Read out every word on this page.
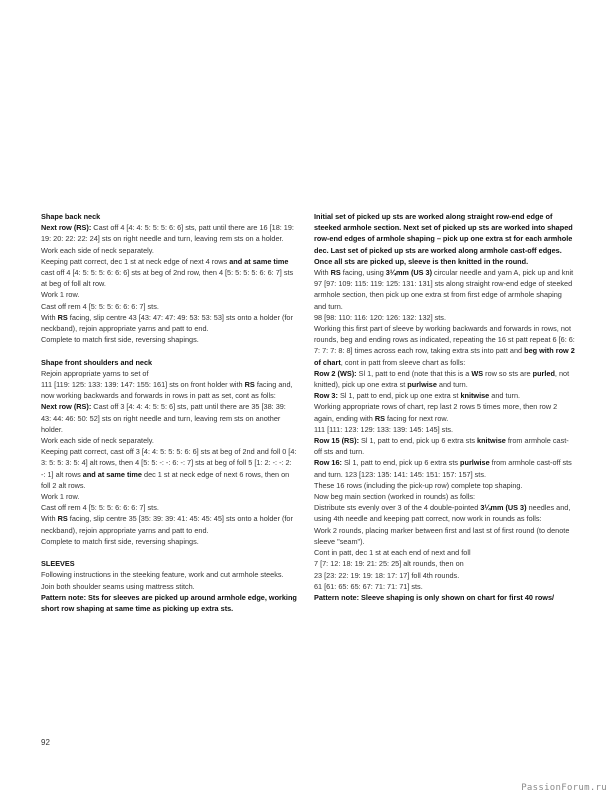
Shape back neck

Next row (RS): Cast off 4 [4: 4: 5: 5: 5: 6: 6] sts, patt until there are 16 [18: 19: 19: 20: 22: 22: 24] sts on right needle and turn, leaving rem sts on a holder.

Work each side of neck separately.

Keeping patt correct, dec 1 st at neck edge of next 4 rows and at same time cast off 4 [4: 5: 5: 5: 6: 6: 6] sts at beg of 2nd row, then 4 [5: 5: 5: 5: 6: 6: 7] sts at beg of foll alt row.

Work 1 row.

Cast off rem 4 [5: 5: 5: 6: 6: 6: 7] sts.

With RS facing, slip centre 43 [43: 47: 47: 49: 53: 53: 53] sts onto a holder (for neckband), rejoin appropriate yarns and patt to end.

Complete to match first side, reversing shapings.

Shape front shoulders and neck

Rejoin appropriate yarns to set of

111 [119: 125: 133: 139: 147: 155: 161] sts on front holder with RS facing and, now working backwards and forwards in rows in patt as set, cont as folls:

Next row (RS): Cast off 3 [4: 4: 4: 5: 5: 6] sts, patt until there are 35 [38: 39: 43: 44: 46: 50: 52] sts on right needle and turn, leaving rem sts on another holder.

Work each side of neck separately.

Keeping patt correct, cast off 3 [4: 4: 5: 5: 5: 6: 6] sts at beg of 2nd and foll 0 [4: 3: 5: 5: 3: 5: 4] alt rows, then 4 [5: 5: -: -: 6: -: 7] sts at beg of foll 5 [1: 2: -: -: 2: -: 1] alt rows and at same time dec 1 st at neck edge of next 6 rows, then on foll 2 alt rows.

Work 1 row.

Cast off rem 4 [5: 5: 5: 6: 6: 6: 7] sts.

With RS facing, slip centre 35 [35: 39: 39: 41: 45: 45: 45] sts onto a holder (for neckband), rejoin appropriate yarns and patt to end.

Complete to match first side, reversing shapings.

SLEEVES

Following instructions in the steeking feature, work and cut armhole steeks. Join both shoulder seams using mattress stitch.

Pattern note: Sts for sleeves are picked up around armhole edge, working short row shaping at same time as picking up extra sts.

Initial set of picked up sts are worked along straight row-end edge of steeked armhole section. Next set of picked up sts are worked into shaped row-end edges of armhole shaping – pick up one extra st for each armhole dec. Last set of picked up sts are worked along armhole cast-off edges. Once all sts are picked up, sleeve is then knitted in the round.

With RS facing, using 3¼mm (US 3) circular needle and yarn A, pick up and knit 97 [97: 109: 115: 119: 125: 131: 131] sts along straight row-end edge of steeked armhole section, then pick up one extra st from first edge of armhole shaping and turn.

98 [98: 110: 116: 120: 126: 132: 132] sts.

Working this first part of sleeve by working backwards and forwards in rows, not rounds, beg and ending rows as indicated, repeating the 16 st patt repeat 6 [6: 6: 7: 7: 7: 8: 8] times across each row, taking extra sts into patt and beg with row 2 of chart, cont in patt from sleeve chart as folls:

Row 2 (WS): Sl 1, patt to end (note that this is a WS row so sts are purled, not knitted), pick up one extra st purlwise and turn.

Row 3: Sl 1, patt to end, pick up one extra st knitwise and turn.

Working appropriate rows of chart, rep last 2 rows 5 times more, then row 2 again, ending with RS facing for next row.

111 [111: 123: 129: 133: 139: 145: 145] sts.

Row 15 (RS): Sl 1, patt to end, pick up 6 extra sts knitwise from armhole cast-off sts and turn.

Row 16: Sl 1, patt to end, pick up 6 extra sts purlwise from armhole cast-off sts and turn. 123 [123: 135: 141: 145: 151: 157: 157] sts.

These 16 rows (including the pick-up row) complete top shaping.

Now beg main section (worked in rounds) as folls:

Distribute sts evenly over 3 of the 4 double-pointed 3¼mm (US 3) needles and, using 4th needle and keeping patt correct, now work in rounds as folls:

Work 2 rounds, placing marker between first and last st of first round (to denote sleeve "seam").

Cont in patt, dec 1 st at each end of next and foll

7 [7: 12: 18: 19: 21: 25: 25] alt rounds, then on

23 [23: 22: 19: 19: 18: 17: 17] foll 4th rounds.

61 [61: 65: 65: 67: 71: 71: 71] sts.

Pattern note: Sleeve shaping is only shown on chart for first 40 rows/

92
PassionForum.ru
